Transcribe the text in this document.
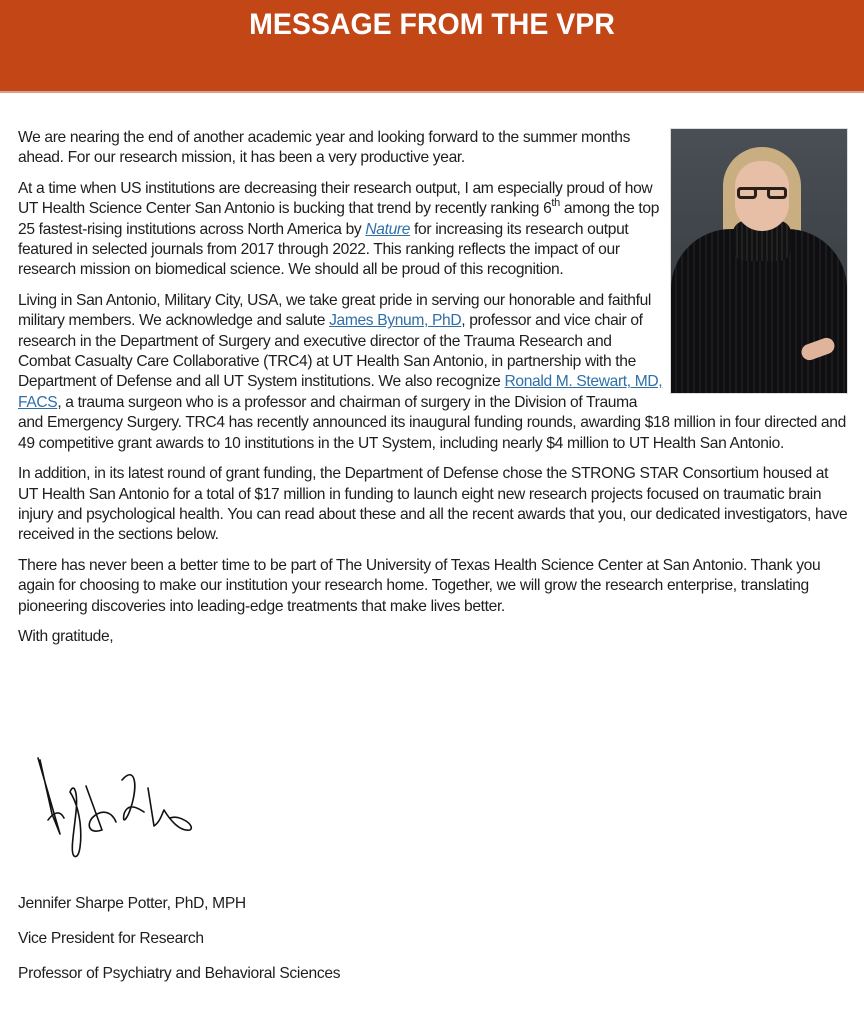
MESSAGE FROM THE VPR

We are nearing the end of another academic year and looking forward to the summer months ahead. For our research mission, it has been a very productive year.

At a time when US institutions are decreasing their research output, I am especially proud of how UT Health Science Center San Antonio is bucking that trend by recently ranking 6th among the top 25 fastest-rising institutions across North America by Nature for increasing its research output featured in selected journals from 2017 through 2022. This ranking reflects the impact of our research mission on biomedical science. We should all be proud of this recognition.

Living in San Antonio, Military City, USA, we take great pride in serving our honorable and faithful military members. We acknowledge and salute James Bynum, PhD, professor and vice chair of research in the Department of Surgery and executive director of the Trauma Research and Combat Casualty Care Collaborative (TRC4) at UT Health San Antonio, in partnership with the Department of Defense and all UT System institutions. We also recognize Ronald M. Stewart, MD, FACS, a trauma surgeon who is a professor and chairman of surgery in the Division of Trauma and Emergency Surgery. TRC4 has recently announced its inaugural funding rounds, awarding $18 million in four directed and 49 competitive grant awards to 10 institutions in the UT System, including nearly $4 million to UT Health San Antonio.

In addition, in its latest round of grant funding, the Department of Defense chose the STRONG STAR Consortium housed at UT Health San Antonio for a total of $17 million in funding to launch eight new research projects focused on traumatic brain injury and psychological health. You can read about these and all the recent awards that you, our dedicated investigators, have received in the sections below.

There has never been a better time to be part of The University of Texas Health Science Center at San Antonio. Thank you again for choosing to make our institution your research home. Together, we will grow the research enterprise, translating pioneering discoveries into leading-edge treatments that make lives better.

With gratitude,

Jennifer Sharpe Potter, PhD, MPH
Vice President for Research
Professor of Psychiatry and Behavioral Sciences
